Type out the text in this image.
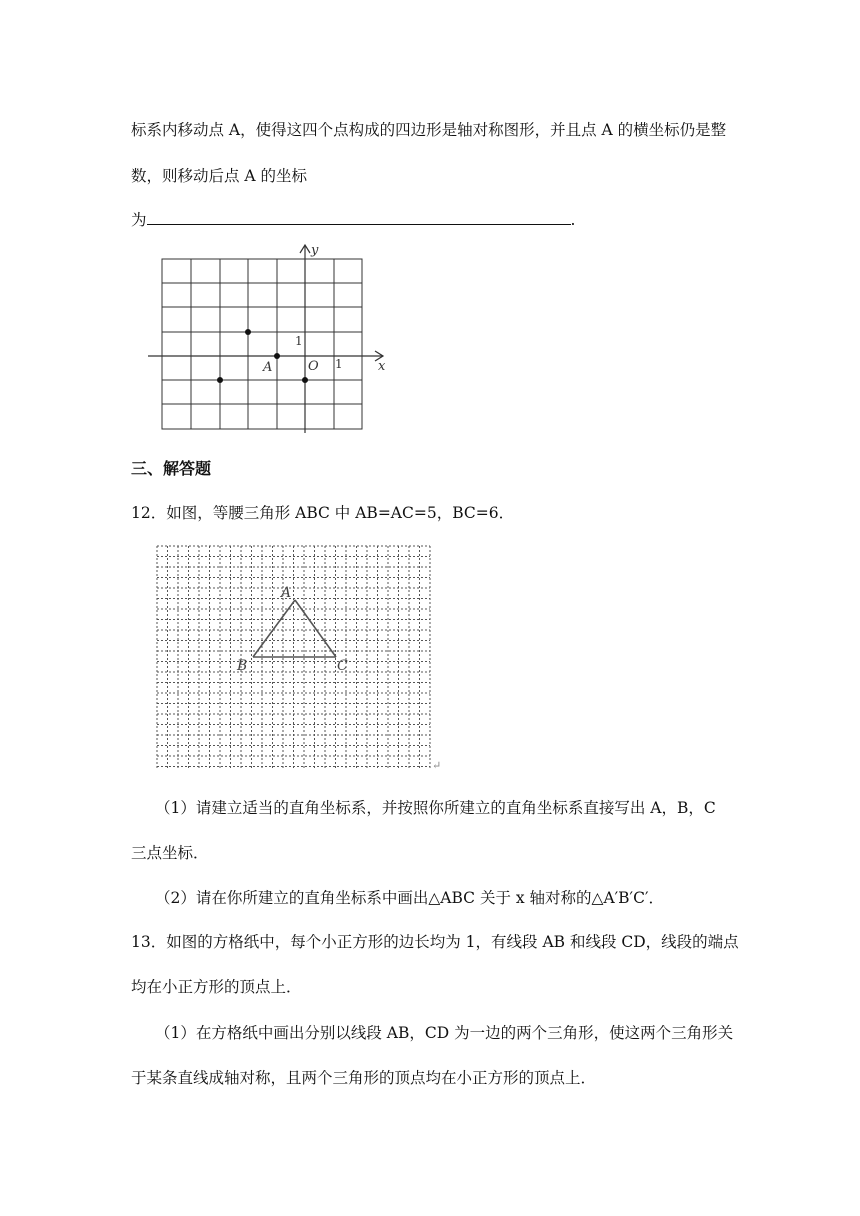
标系内移动点 A，使得这四个点构成的四边形是轴对称图形，并且点 A 的横坐标仍是整
数，则移动后点 A 的坐标
为	.
y
x
1
1
O
A
三、解答题
12．如图，等腰三角形 ABC 中 AB=AC=5，BC=6．
A
B	C
↵
（1）请建立适当的直角坐标系，并按照你所建立的直角坐标系直接写出 A，B，C
三点坐标．
（2）请在你所建立的直角坐标系中画出△ABC 关于 x 轴对称的△A′B′C′．
13．如图的方格纸中，每个小正方形的边长均为 1，有线段 AB 和线段 CD，线段的端点
均在小正方形的顶点上．
（1）在方格纸中画出分别以线段 AB，CD 为一边的两个三角形，使这两个三角形关
于某条直线成轴对称，且两个三角形的顶点均在小正方形的顶点上．
